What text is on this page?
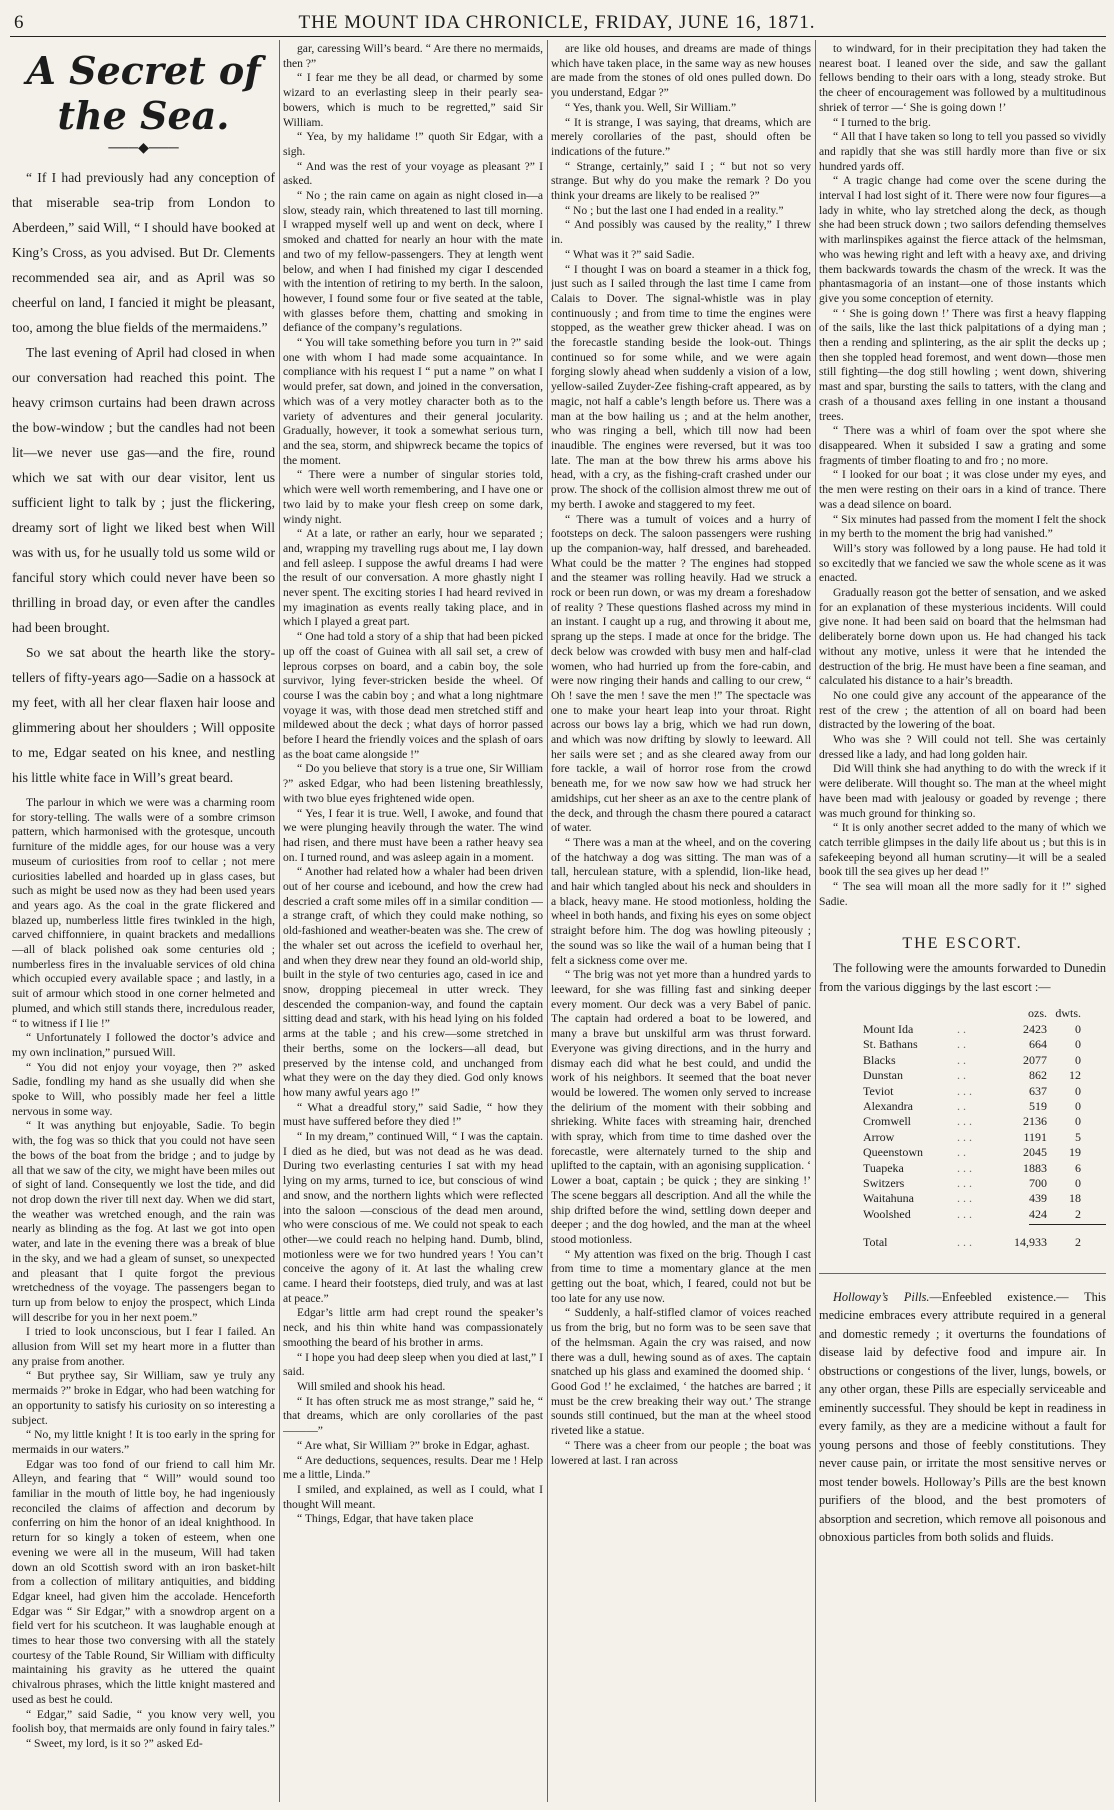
6	THE MOUNT IDA CHRONICLE, FRIDAY, JUNE 16, 1871.
A Secret of the Sea.
───◆───

“ If I had previously had any conception of that miserable sea-trip from London to Aberdeen,” said Will, “ I should have booked at King’s Cross, as you advised. But Dr. Clements recommended sea air, and as April was so cheerful on land, I fancied it might be pleasant, too, among the blue fields of the mermaidens.”

The last evening of April had closed in when our conversation had reached this point. The heavy crimson curtains had been drawn across the bow-window ; but the candles had not been lit—we never use gas—and the fire, round which we sat with our dear visitor, lent us sufficient light to talk by ; just the flickering, dreamy sort of light we liked best when Will was with us, for he usually told us some wild or fanciful story which could never have been so thrilling in broad day, or even after the candles had been brought.

So we sat about the hearth like the story-tellers of fifty-years ago—Sadie on a hassock at my feet, with all her clear flaxen hair loose and glimmering about her shoulders ; Will opposite to me, Edgar seated on his knee, and nestling his little white face in Will’s great beard.

The parlour in which we were was a charming room for story-telling. The walls were of a sombre crimson pattern, which harmonised with the grotesque, uncouth furniture of the middle ages, for our house was a very museum of curiosities from roof to cellar ; not mere curiosities labelled and hoarded up in glass cases, but such as might be used now as they had been used years and years ago. As the coal in the grate flickered and blazed up, numberless little fires twinkled in the high, carved chiffonniere, in quaint brackets and medallions—all of black polished oak some centuries old ; numberless fires in the invaluable services of old china which occupied every available space ; and lastly, in a suit of armour which stood in one corner helmeted and plumed, and which still stands there, incredulous reader, “ to witness if I lie !”

“ Unfortunately I followed the doctor’s advice and my own inclination,” pursued Will.

“ You did not enjoy your voyage, then ?” asked Sadie, fondling my hand as she usually did when she spoke to Will, who possibly made her feel a little nervous in some way.

“ It was anything but enjoyable, Sadie. To begin with, the fog was so thick that you could not have seen the bows of the boat from the bridge ; and to judge by all that we saw of the city, we might have been miles out of sight of land. Consequently we lost the tide, and did not drop down the river till next day. When we did start, the weather was wretched enough, and the rain was nearly as blinding as the fog. At last we got into open water, and late in the evening there was a break of blue in the sky, and we had a gleam of sunset, so unexpected and pleasant that I quite forgot the previous wretchedness of the voyage. The passengers began to turn up from below to enjoy the prospect, which Linda will describe for you in her next poem.”

I tried to look unconscious, but I fear I failed. An allusion from Will set my heart more in a flutter than any praise from another.

“ But prythee say, Sir William, saw ye truly any mermaids ?” broke in Edgar, who had been watching for an opportunity to satisfy his curiosity on so interesting a subject.

“ No, my little knight ! It is too early in the spring for mermaids in our waters.”

Edgar was too fond of our friend to call him Mr. Alleyn, and fearing that “ Will” would sound too familiar in the mouth of little boy, he had ingeniously reconciled the claims of affection and decorum by conferring on him the honor of an ideal knighthood. In return for so kingly a token of esteem, when one evening we were all in the museum, Will had taken down an old Scottish sword with an iron basket-hilt from a collection of military antiquities, and bidding Edgar kneel, had given him the accolade. Henceforth Edgar was “ Sir Edgar,” with a snowdrop argent on a field vert for his scutcheon. It was laughable enough at times to hear those two conversing with all the stately courtesy of the Table Round, Sir William with difficulty maintaining his gravity as he uttered the quaint chivalrous phrases, which the little knight mastered and used as best he could.

“ Edgar,” said Sadie, “ you know very well, you foolish boy, that mermaids are only found in fairy tales.”

“ Sweet, my lord, is it so ?” asked Ed-

gar, caressing Will’s beard. “ Are there no mermaids, then ?”

“ I fear me they be all dead, or charmed by some wizard to an everlasting sleep in their pearly sea-bowers, which is much to be regretted,” said Sir William.

“ Yea, by my halidame !” quoth Sir Edgar, with a sigh.

“ And was the rest of your voyage as pleasant ?” I asked.

“ No ; the rain came on again as night closed in—a slow, steady rain, which threatened to last till morning. I wrapped myself well up and went on deck, where I smoked and chatted for nearly an hour with the mate and two of my fellow-passengers. They at length went below, and when I had finished my cigar I descended with the intention of retiring to my berth. In the saloon, however, I found some four or five seated at the table, with glasses before them, chatting and smoking in defiance of the company’s regulations.

“ You will take something before you turn in ?” said one with whom I had made some acquaintance. In compliance with his request I “ put a name ” on what I would prefer, sat down, and joined in the conversation, which was of a very motley character both as to the variety of adventures and their general jocularity. Gradually, however, it took a somewhat serious turn, and the sea, storm, and shipwreck became the topics of the moment.

“ There were a number of singular stories told, which were well worth remembering, and I have one or two laid by to make your flesh creep on some dark, windy night.

“ At a late, or rather an early, hour we separated ; and, wrapping my travelling rugs about me, I lay down and fell asleep. I suppose the awful dreams I had were the result of our conversation. A more ghastly night I never spent. The exciting stories I had heard revived in my imagination as events really taking place, and in which I played a great part.

“ One had told a story of a ship that had been picked up off the coast of Guinea with all sail set, a crew of leprous corpses on board, and a cabin boy, the sole survivor, lying fever-stricken beside the wheel. Of course I was the cabin boy ; and what a long nightmare voyage it was, with those dead men stretched stiff and mildewed about the deck ; what days of horror passed before I heard the friendly voices and the splash of oars as the boat came alongside !”

“ Do you believe that story is a true one, Sir William ?” asked Edgar, who had been listening breathlessly, with two blue eyes frightened wide open.

“ Yes, I fear it is true. Well, I awoke, and found that we were plunging heavily through the water. The wind had risen, and there must have been a rather heavy sea on. I turned round, and was asleep again in a moment.

“ Another had related how a whaler had been driven out of her course and icebound, and how the crew had descried a craft some miles off in a similar condition —a strange craft, of which they could make nothing, so old-fashioned and weather-beaten was she. The crew of the whaler set out across the icefield to overhaul her, and when they drew near they found an old-world ship, built in the style of two centuries ago, cased in ice and snow, dropping piecemeal in utter wreck. They descended the companion-way, and found the captain sitting dead and stark, with his head lying on his folded arms at the table ; and his crew—some stretched in their berths, some on the lockers—all dead, but preserved by the intense cold, and unchanged from what they were on the day they died. God only knows how many awful years ago !”

“ What a dreadful story,” said Sadie, “ how they must have suffered before they died !”

“ In my dream,” continued Will, “ I was the captain. I died as he died, but was not dead as he was dead. During two everlasting centuries I sat with my head lying on my arms, turned to ice, but conscious of wind and snow, and the northern lights which were reflected into the saloon —conscious of the dead men around, who were conscious of me. We could not speak to each other—we could reach no helping hand. Dumb, blind, motionless were we for two hundred years ! You can’t conceive the agony of it. At last the whaling crew came. I heard their footsteps, died truly, and was at last at peace.”

Edgar’s little arm had crept round the speaker’s neck, and his thin white hand was compassionately smoothing the beard of his brother in arms.

“ I hope you had deep sleep when you died at last,” I said.

Will smiled and shook his head.

“ It has often struck me as most strange,” said he, “ that dreams, which are only corollaries of the past———”

“ Are what, Sir William ?” broke in Edgar, aghast.

“ Are deductions, sequences, results. Dear me ! Help me a little, Linda.”

I smiled, and explained, as well as I could, what I thought Will meant.

“ Things, Edgar, that have taken place

are like old houses, and dreams are made of things which have taken place, in the same way as new houses are made from the stones of old ones pulled down. Do you understand, Edgar ?”

“ Yes, thank you. Well, Sir William.”

“ It is strange, I was saying, that dreams, which are merely corollaries of the past, should often be indications of the future.”

“ Strange, certainly,” said I ; “ but not so very strange. But why do you make the remark ? Do you think your dreams are likely to be realised ?”

“ No ; but the last one I had ended in a reality.”

“ And possibly was caused by the reality,” I threw in.

“ What was it ?” said Sadie.

“ I thought I was on board a steamer in a thick fog, just such as I sailed through the last time I came from Calais to Dover. The signal-whistle was in play continuously ; and from time to time the engines were stopped, as the weather grew thicker ahead. I was on the forecastle standing beside the look-out. Things continued so for some while, and we were again forging slowly ahead when suddenly a vision of a low, yellow-sailed Zuyder-Zee fishing-craft appeared, as by magic, not half a cable’s length before us. There was a man at the bow hailing us ; and at the helm another, who was ringing a bell, which till now had been inaudible. The engines were reversed, but it was too late. The man at the bow threw his arms above his head, with a cry, as the fishing-craft crashed under our prow. The shock of the collision almost threw me out of my berth. I awoke and staggered to my feet.

“ There was a tumult of voices and a hurry of footsteps on deck. The saloon passengers were rushing up the companion-way, half dressed, and bareheaded. What could be the matter ? The engines had stopped and the steamer was rolling heavily. Had we struck a rock or been run down, or was my dream a foreshadow of reality ? These questions flashed across my mind in an instant. I caught up a rug, and throwing it about me, sprang up the steps. I made at once for the bridge. The deck below was crowded with busy men and half-clad women, who had hurried up from the fore-cabin, and were now ringing their hands and calling to our crew, “ Oh ! save the men ! save the men !” The spectacle was one to make your heart leap into your throat. Right across our bows lay a brig, which we had run down, and which was now drifting by slowly to leeward. All her sails were set ; and as she cleared away from our fore tackle, a wail of horror rose from the crowd beneath me, for we now saw how we had struck her amidships, cut her sheer as an axe to the centre plank of the deck, and through the chasm there poured a cataract of water.

“ There was a man at the wheel, and on the covering of the hatchway a dog was sitting. The man was of a tall, herculean stature, with a splendid, lion-like head, and hair which tangled about his neck and shoulders in a black, heavy mane. He stood motionless, holding the wheel in both hands, and fixing his eyes on some object straight before him. The dog was howling piteously ; the sound was so like the wail of a human being that I felt a sickness come over me.

“ The brig was not yet more than a hundred yards to leeward, for she was filling fast and sinking deeper every moment. Our deck was a very Babel of panic. The captain had ordered a boat to be lowered, and many a brave but unskilful arm was thrust forward. Everyone was giving directions, and in the hurry and dismay each did what he best could, and undid the work of his neighbors. It seemed that the boat never would be lowered. The women only served to increase the delirium of the moment with their sobbing and shrieking. White faces with streaming hair, drenched with spray, which from time to time dashed over the forecastle, were alternately turned to the ship and uplifted to the captain, with an agonising supplication. ‘ Lower a boat, captain ; be quick ; they are sinking !’ The scene beggars all description. And all the while the ship drifted before the wind, settling down deeper and deeper ; and the dog howled, and the man at the wheel stood motionless.

“ My attention was fixed on the brig. Though I cast from time to time a momentary glance at the men getting out the boat, which, I feared, could not but be too late for any use now.

“ Suddenly, a half-stifled clamor of voices reached us from the brig, but no form was to be seen save that of the helmsman. Again the cry was raised, and now there was a dull, hewing sound as of axes. The captain snatched up his glass and examined the doomed ship. ‘ Good God !’ he exclaimed, ‘ the hatches are barred ; it must be the crew breaking their way out.’ The strange sounds still continued, but the man at the wheel stood riveted like a statue.

“ There was a cheer from our people ; the boat was lowered at last. I ran across

to windward, for in their precipitation they had taken the nearest boat. I leaned over the side, and saw the gallant fellows bending to their oars with a long, steady stroke. But the cheer of encouragement was followed by a multitudinous shriek of terror —‘ She is going down !’

“ I turned to the brig.

“ All that I have taken so long to tell you passed so vividly and rapidly that she was still hardly more than five or six hundred yards off.

“ A tragic change had come over the scene during the interval I had lost sight of it. There were now four figures—a lady in white, who lay stretched along the deck, as though she had been struck down ; two sailors defending themselves with marlinspikes against the fierce attack of the helmsman, who was hewing right and left with a heavy axe, and driving them backwards towards the chasm of the wreck. It was the phantasmagoria of an instant—one of those instants which give you some conception of eternity.

“ ‘ She is going down !’ There was first a heavy flapping of the sails, like the last thick palpitations of a dying man ; then a rending and splintering, as the air split the decks up ; then she toppled head foremost, and went down—those men still fighting—the dog still howling ; went down, shivering mast and spar, bursting the sails to tatters, with the clang and crash of a thousand axes felling in one instant a thousand trees.

“ There was a whirl of foam over the spot where she disappeared. When it subsided I saw a grating and some fragments of timber floating to and fro ; no more.

“ I looked for our boat ; it was close under my eyes, and the men were resting on their oars in a kind of trance. There was a dead silence on board.

“ Six minutes had passed from the moment I felt the shock in my berth to the moment the brig had vanished.”

Will’s story was followed by a long pause. He had told it so excitedly that we fancied we saw the whole scene as it was enacted.

Gradually reason got the better of sensation, and we asked for an explanation of these mysterious incidents. Will could give none. It had been said on board that the helmsman had deliberately borne down upon us. He had changed his tack without any motive, unless it were that he intended the destruction of the brig. He must have been a fine seaman, and calculated his distance to a hair’s breadth.

No one could give any account of the appearance of the rest of the crew ; the attention of all on board had been distracted by the lowering of the boat.

Who was she ? Will could not tell. She was certainly dressed like a lady, and had long golden hair.

Did Will think she had anything to do with the wreck if it were deliberate. Will thought so. The man at the wheel might have been mad with jealousy or goaded by revenge ; there was much ground for thinking so.

“ It is only another secret added to the many of which we catch terrible glimpses in the daily life about us ; but this is in safekeeping beyond all human scrutiny—it will be a sealed book till the sea gives up her dead !”

“ The sea will moan all the more sadly for it !” sighed Sadie.

THE ESCORT.

The following were the amounts forwarded to Dunedin from the various diggings by the last escort :—

		ozs.	dwts.
Mount Ida	. .	2423	0
St. Bathans	. .	664	0
Blacks	. .	2077	0
Dunstan	. .	862	12
Teviot	. . .	637	0
Alexandra	. .	519	0
Cromwell	. . .	2136	0
Arrow	. . .	1191	5
Queenstown	. .	2045	19
Tuapeka	. . .	1883	6
Switzers	. . .	700	0
Waitahuna	. . .	439	18
Woolshed	. . .	424	2
Total	. . .	14,933	2

Holloway’s Pills.—Enfeebled existence.— This medicine embraces every attribute required in a general and domestic remedy ; it overturns the foundations of disease laid by defective food and impure air. In obstructions or congestions of the liver, lungs, bowels, or any other organ, these Pills are especially serviceable and eminently successful. They should be kept in readiness in every family, as they are a medicine without a fault for young persons and those of feebly constitutions. They never cause pain, or irritate the most sensitive nerves or most tender bowels. Holloway’s Pills are the best known purifiers of the blood, and the best promoters of absorption and secretion, which remove all poisonous and obnoxious particles from both solids and fluids.
